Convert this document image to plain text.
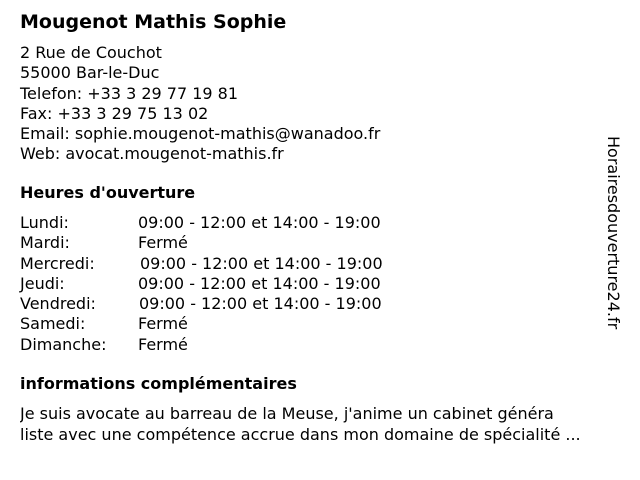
Mougenot Mathis Sophie
2 Rue de Couchot
55000 Bar-le-Duc
Telefon: +33 3 29 77 19 81
Fax: +33 3 29 75 13 02
Email: sophie.mougenot-mathis@wanadoo.fr
Web: avocat.mougenot-mathis.fr
Heures d'ouverture
Lundi:	09:00 - 12:00 et 14:00 - 19:00
Mardi:	Fermé
Mercredi:	09:00 - 12:00 et 14:00 - 19:00
Jeudi:	09:00 - 12:00 et 14:00 - 19:00
Vendredi:	09:00 - 12:00 et 14:00 - 19:00
Samedi:	Fermé
Dimanche: Fermé
informations complémentaires
Je suis avocate au barreau de la Meuse, j'anime un cabinet généra
liste avec une compétence accrue dans mon domaine de spécialité ...
Horairesdouverture24.fr
